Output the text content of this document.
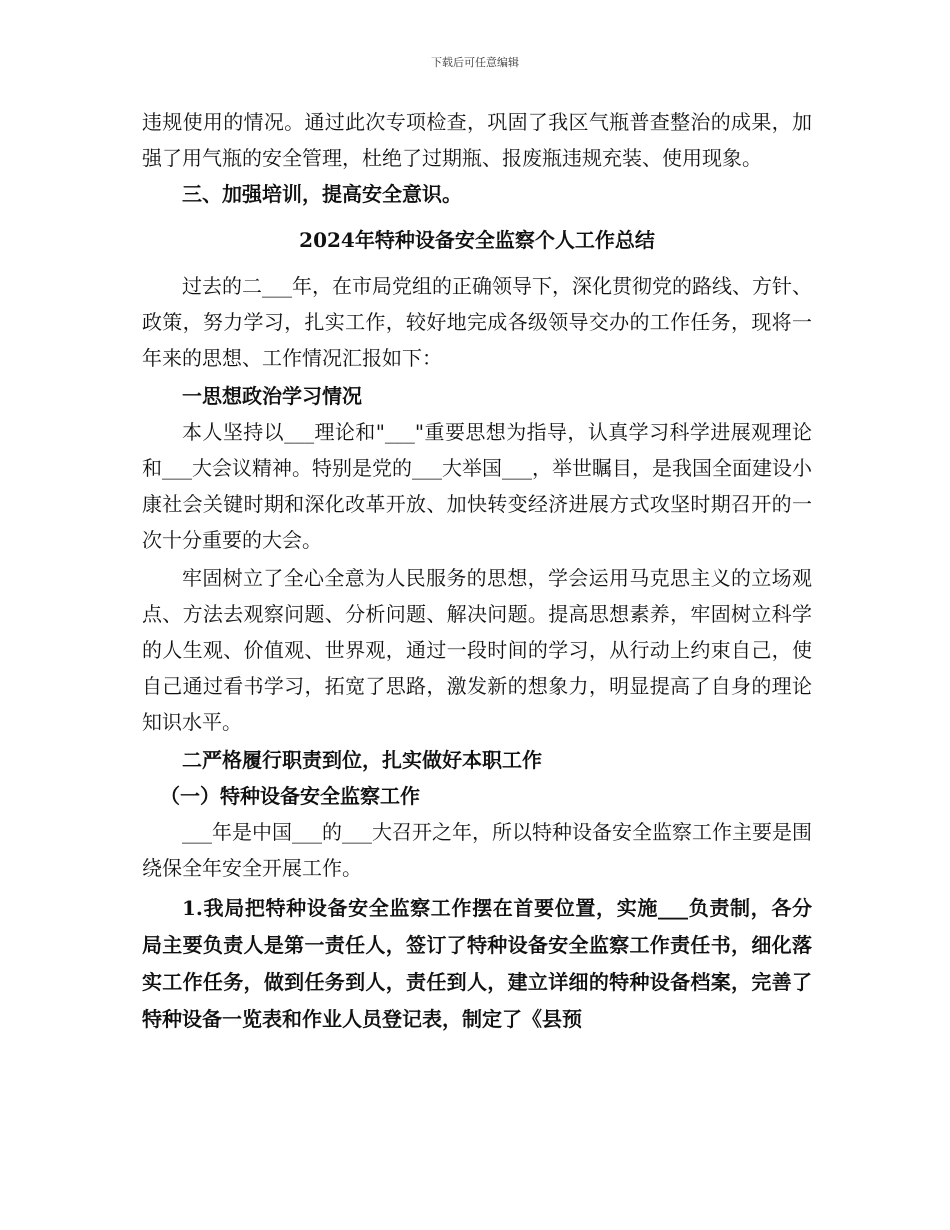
下载后可任意编辑

违规使用的情况。通过此次专项检查，巩固了我区气瓶普查整治的成果，加强了用气瓶的安全管理，杜绝了过期瓶、报废瓶违规充装、使用现象。

三、加强培训，提高安全意识。

2024年特种设备安全监察个人工作总结

过去的二___年，在市局党组的正确领导下，深化贯彻党的路线、方针、政策，努力学习，扎实工作，较好地完成各级领导交办的工作任务，现将一年来的思想、工作情况汇报如下：

一思想政治学习情况

本人坚持以___理论和"___"重要思想为指导，认真学习科学进展观理论和___大会议精神。特别是党的___大举国___，举世瞩目，是我国全面建设小康社会关键时期和深化改革开放、加快转变经济进展方式攻坚时期召开的一次十分重要的大会。

牢固树立了全心全意为人民服务的思想，学会运用马克思主义的立场观点、方法去观察问题、分析问题、解决问题。提高思想素养，牢固树立科学的人生观、价值观、世界观，通过一段时间的学习，从行动上约束自己，使自己通过看书学习，拓宽了思路，激发新的想象力，明显提高了自身的理论知识水平。

二严格履行职责到位，扎实做好本职工作

（一）特种设备安全监察工作

___年是中国___的___大召开之年，所以特种设备安全监察工作主要是围绕保全年安全开展工作。

1.我局把特种设备安全监察工作摆在首要位置，实施___负责制，各分局主要负责人是第一责任人，签订了特种设备安全监察工作责任书，细化落实工作任务，做到任务到人，责任到人，建立详细的特种设备档案，完善了特种设备一览表和作业人员登记表，制定了《县预
